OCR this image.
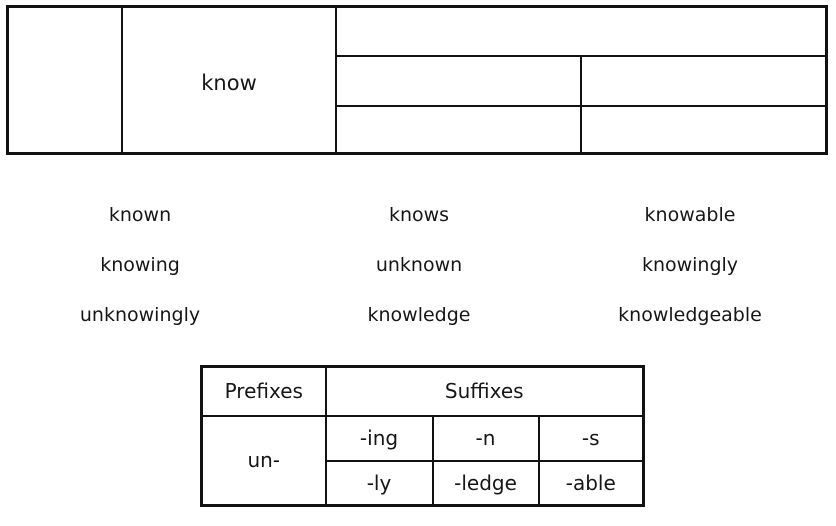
know
known	knows	knowable
knowing	unknown	knowingly
unknowingly	knowledge	knowledgeable
Prefixes	Suffixes		
un-	-ing	-n	-s
	-ly	-ledge	-able
